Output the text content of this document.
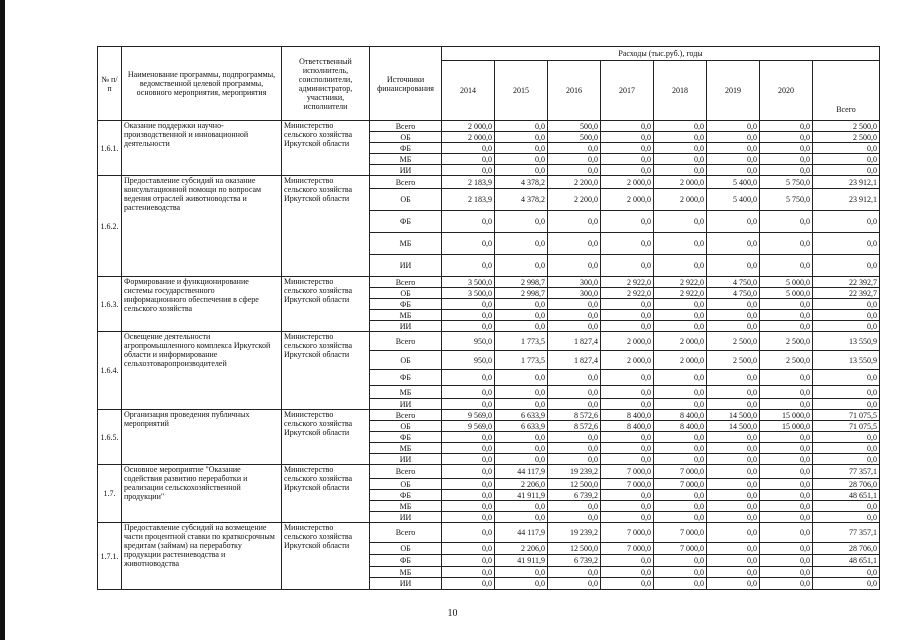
№ п/п	Наименование программы, подпрограммы, ведомственной целевой программы, основного мероприятия, мероприятия	Ответственный исполнитель, соисполнители, администратор, участники, исполнители	Источники финансирования	Расходы (тыс.руб.), годы							
				2014	2015	2016	2017	2018	2019	2020	Всего
1.6.1.	Оказание поддержки научно-производственной и инновационной деятельности	Министерство сельского хозяйства Иркутской области	Всего	2 000,0	0,0	500,0	0,0	0,0	0,0	0,0	2 500,0
			ОБ	2 000,0	0,0	500,0	0,0	0,0	0,0	0,0	2 500,0
			ФБ	0,0	0,0	0,0	0,0	0,0	0,0	0,0	0,0
			МБ	0,0	0,0	0,0	0,0	0,0	0,0	0,0	0,0
			ИИ	0,0	0,0	0,0	0,0	0,0	0,0	0,0	0,0
1.6.2.	Предоставление субсидий на оказание консультационной помощи по вопросам ведения отраслей животноводства и растениеводства	Министерство сельского хозяйства Иркутской области	Всего	2 183,9	4 378,2	2 200,0	2 000,0	2 000,0	5 400,0	5 750,0	23 912,1
			ОБ	2 183,9	4 378,2	2 200,0	2 000,0	2 000,0	5 400,0	5 750,0	23 912,1
			ФБ	0,0	0,0	0,0	0,0	0,0	0,0	0,0	0,0
			МБ	0,0	0,0	0,0	0,0	0,0	0,0	0,0	0,0
			ИИ	0,0	0,0	0,0	0,0	0,0	0,0	0,0	0,0
1.6.3.	Формирование и функционирование системы государственного информационного обеспечения в сфере сельского хозяйства	Министерство сельского хозяйства Иркутской области	Всего	3 500,0	2 998,7	300,0	2 922,0	2 922,0	4 750,0	5 000,0	22 392,7
			ОБ	3 500,0	2 998,7	300,0	2 922,0	2 922,0	4 750,0	5 000,0	22 392,7
			ФБ	0,0	0,0	0,0	0,0	0,0	0,0	0,0	0,0
			МБ	0,0	0,0	0,0	0,0	0,0	0,0	0,0	0,0
			ИИ	0,0	0,0	0,0	0,0	0,0	0,0	0,0	0,0
1.6.4.	Освещение деятельности агропромышленного комплекса Иркутской области и информирование сельхозтоваропроизводителей	Министерство сельского хозяйства Иркутской области	Всего	950,0	1 773,5	1 827,4	2 000,0	2 000,0	2 500,0	2 500,0	13 550,9
			ОБ	950,0	1 773,5	1 827,4	2 000,0	2 000,0	2 500,0	2 500,0	13 550,9
			ФБ	0,0	0,0	0,0	0,0	0,0	0,0	0,0	0,0
			МБ	0,0	0,0	0,0	0,0	0,0	0,0	0,0	0,0
			ИИ	0,0	0,0	0,0	0,0	0,0	0,0	0,0	0,0
1.6.5.	Организация проведения публичных мероприятий	Министерство сельского хозяйства Иркутской области	Всего	9 569,0	6 633,9	8 572,6	8 400,0	8 400,0	14 500,0	15 000,0	71 075,5
			ОБ	9 569,0	6 633,9	8 572,6	8 400,0	8 400,0	14 500,0	15 000,0	71 075,5
			ФБ	0,0	0,0	0,0	0,0	0,0	0,0	0,0	0,0
			МБ	0,0	0,0	0,0	0,0	0,0	0,0	0,0	0,0
			ИИ	0,0	0,0	0,0	0,0	0,0	0,0	0,0	0,0
1.7.	Основное мероприятие "Оказание содействия развитию переработки и реализации сельскохозяйственной продукции"	Министерство сельского хозяйства Иркутской области	Всего	0,0	44 117,9	19 239,2	7 000,0	7 000,0	0,0	0,0	77 357,1
			ОБ	0,0	2 206,0	12 500,0	7 000,0	7 000,0	0,0	0,0	28 706,0
			ФБ	0,0	41 911,9	6 739,2	0,0	0,0	0,0	0,0	48 651,1
			МБ	0,0	0,0	0,0	0,0	0,0	0,0	0,0	0,0
			ИИ	0,0	0,0	0,0	0,0	0,0	0,0	0,0	0,0
1.7.1.	Предоставление субсидий на возмещение части процентной ставки по краткосрочным кредитам (займам) на переработку продукции растениеводства и животноводства	Министерство сельского хозяйства Иркутской области	Всего	0,0	44 117,9	19 239,2	7 000,0	7 000,0	0,0	0,0	77 357,1
			ОБ	0,0	2 206,0	12 500,0	7 000,0	7 000,0	0,0	0,0	28 706,0
			ФБ	0,0	41 911,9	6 739,2	0,0	0,0	0,0	0,0	48 651,1
			МБ	0,0	0,0	0,0	0,0	0,0	0,0	0,0	0,0
			ИИ	0,0	0,0	0,0	0,0	0,0	0,0	0,0	0,0
10
